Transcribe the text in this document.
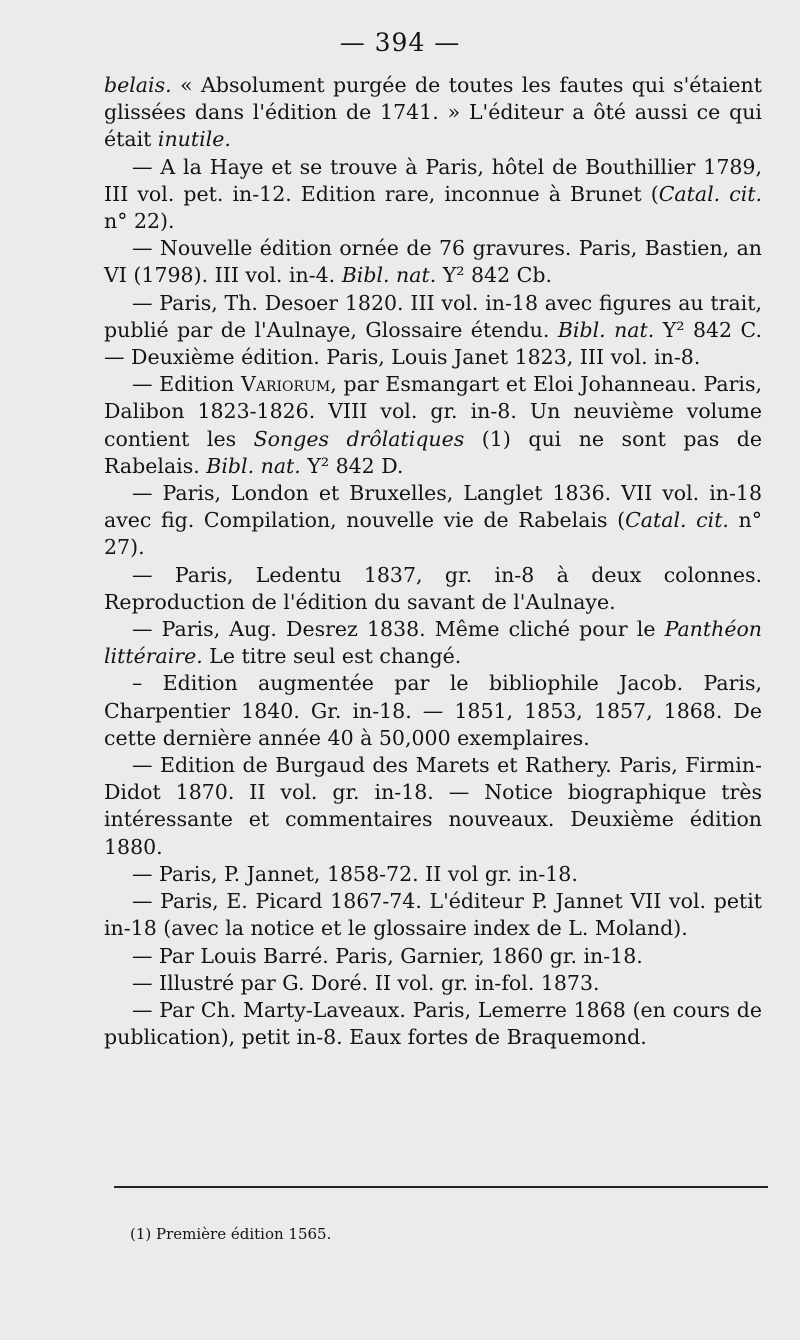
— 394 —

belais. « Absolument purgée de toutes les fautes qui s'étaient glissées dans l'édition de 1741. » L'éditeur a ôté aussi ce qui était inutile.

— A la Haye et se trouve à Paris, hôtel de Bouthillier 1789, III vol. pet. in-12. Edition rare, inconnue à Brunet (Catal. cit. n° 22).

— Nouvelle édition ornée de 76 gravures. Paris, Bastien, an VI (1798). III vol. in-4. Bibl. nat. Y² 842 Cb.

— Paris, Th. Desoer 1820. III vol. in-18 avec figures au trait, publié par de l'Aulnaye, Glossaire étendu. Bibl. nat. Y² 842 C. — Deuxième édition. Paris, Louis Janet 1823, III vol. in-8.

— Edition Variorum, par Esmangart et Eloi Johanneau. Paris, Dalibon 1823-1826. VIII vol. gr. in-8. Un neuvième volume contient les Songes drôlatiques (1) qui ne sont pas de Rabelais. Bibl. nat. Y² 842 D.

— Paris, London et Bruxelles, Langlet 1836. VII vol. in-18 avec fig. Compilation, nouvelle vie de Rabelais (Catal. cit. n° 27).

— Paris, Ledentu 1837, gr. in-8 à deux colonnes. Reproduction de l'édition du savant de l'Aulnaye.

— Paris, Aug. Desrez 1838. Même cliché pour le Panthéon littéraire. Le titre seul est changé.

– Edition augmentée par le bibliophile Jacob. Paris, Charpentier 1840. Gr. in-18. — 1851, 1853, 1857, 1868. De cette dernière année 40 à 50,000 exemplaires.

— Edition de Burgaud des Marets et Rathery. Paris, Firmin-Didot 1870. II vol. gr. in-18. — Notice biographique très intéressante et commentaires nouveaux. Deuxième édition 1880.

— Paris, P. Jannet, 1858-72. II vol gr. in-18.

— Paris, E. Picard 1867-74. L'éditeur P. Jannet VII vol. petit in-18 (avec la notice et le glossaire index de L. Moland).

— Par Louis Barré. Paris, Garnier, 1860 gr. in-18.

— Illustré par G. Doré. II vol. gr. in-fol. 1873.

— Par Ch. Marty-Laveaux. Paris, Lemerre 1868 (en cours de publication), petit in-8. Eaux fortes de Braquemond.

(1) Première édition 1565.
